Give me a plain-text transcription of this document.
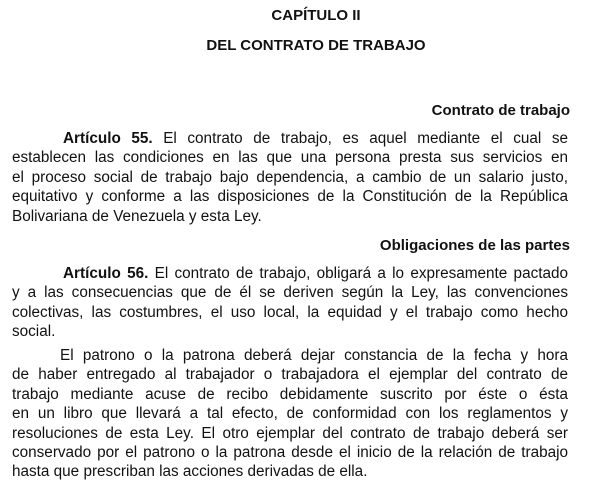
CAPÍTULO II
DEL CONTRATO DE TRABAJO
Contrato de trabajo

Artículo 55. El contrato de trabajo, es aquel mediante el cual se
establecen las condiciones en las que una persona presta sus servicios en
el proceso social de trabajo bajo dependencia, a cambio de un salario justo,
equitativo y conforme a las disposiciones de la Constitución de la República
Bolivariana de Venezuela y esta Ley.

Obligaciones de las partes

Artículo 56. El contrato de trabajo, obligará a lo expresamente pactado
y a las consecuencias que de él se deriven según la Ley, las convenciones
colectivas, las costumbres, el uso local, la equidad y el trabajo como hecho
social.

El patrono o la patrona deberá dejar constancia de la fecha y hora
de haber entregado al trabajador o trabajadora el ejemplar del contrato de
trabajo mediante acuse de recibo debidamente suscrito por éste o ésta
en un libro que llevará a tal efecto, de conformidad con los reglamentos y
resoluciones de esta Ley. El otro ejemplar del contrato de trabajo deberá ser
conservado por el patrono o la patrona desde el inicio de la relación de trabajo
hasta que prescriban las acciones derivadas de ella.
